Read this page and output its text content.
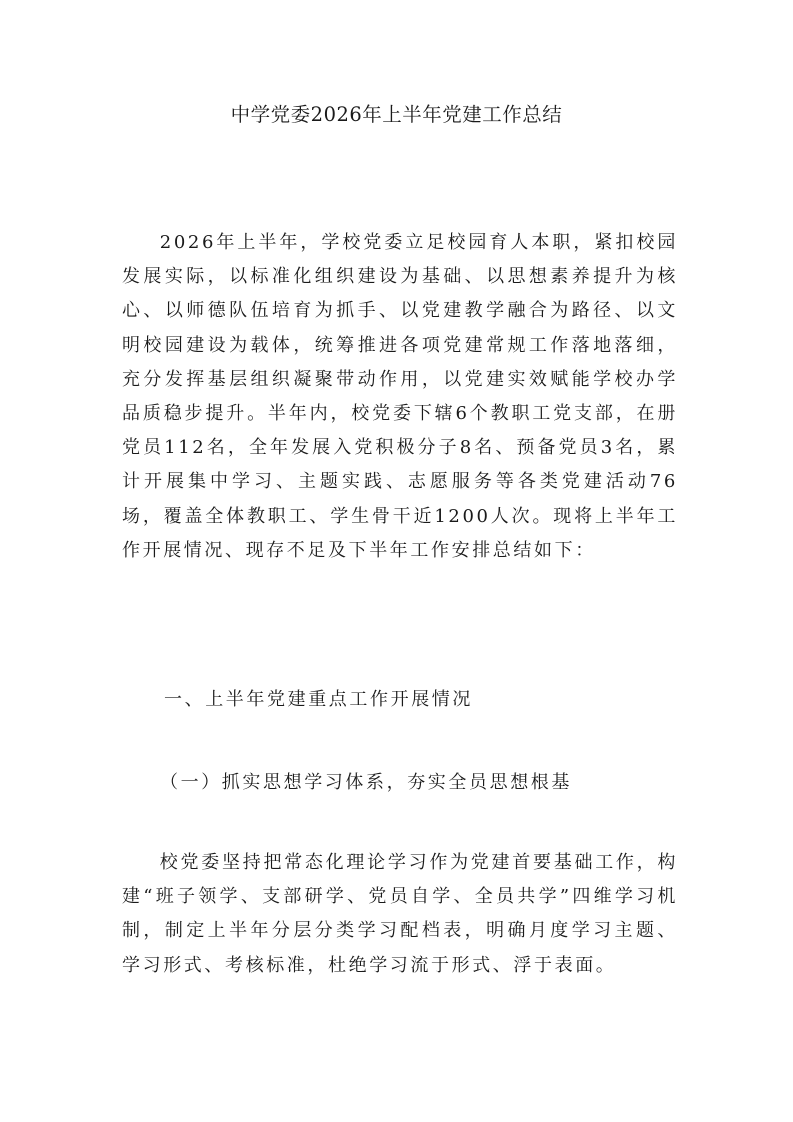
中学党委2026年上半年党建工作总结

2026年上半年，学校党委立足校园育人本职，紧扣校园发展实际，以标准化组织建设为基础、以思想素养提升为核心、以师德队伍培育为抓手、以党建教学融合为路径、以文明校园建设为载体，统筹推进各项党建常规工作落地落细，充分发挥基层组织凝聚带动作用，以党建实效赋能学校办学品质稳步提升。半年内，校党委下辖6个教职工党支部，在册党员112名，全年发展入党积极分子8名、预备党员3名，累计开展集中学习、主题实践、志愿服务等各类党建活动76场，覆盖全体教职工、学生骨干近1200人次。现将上半年工作开展情况、现存不足及下半年工作安排总结如下：

一、上半年党建重点工作开展情况
（一）抓实思想学习体系，夯实全员思想根基

校党委坚持把常态化理论学习作为党建首要基础工作，构建“班子领学、支部研学、党员自学、全员共学”四维学习机制，制定上半年分层分类学习配档表，明确月度学习主题、学习形式、考核标准，杜绝学习流于形式、浮于表面。
